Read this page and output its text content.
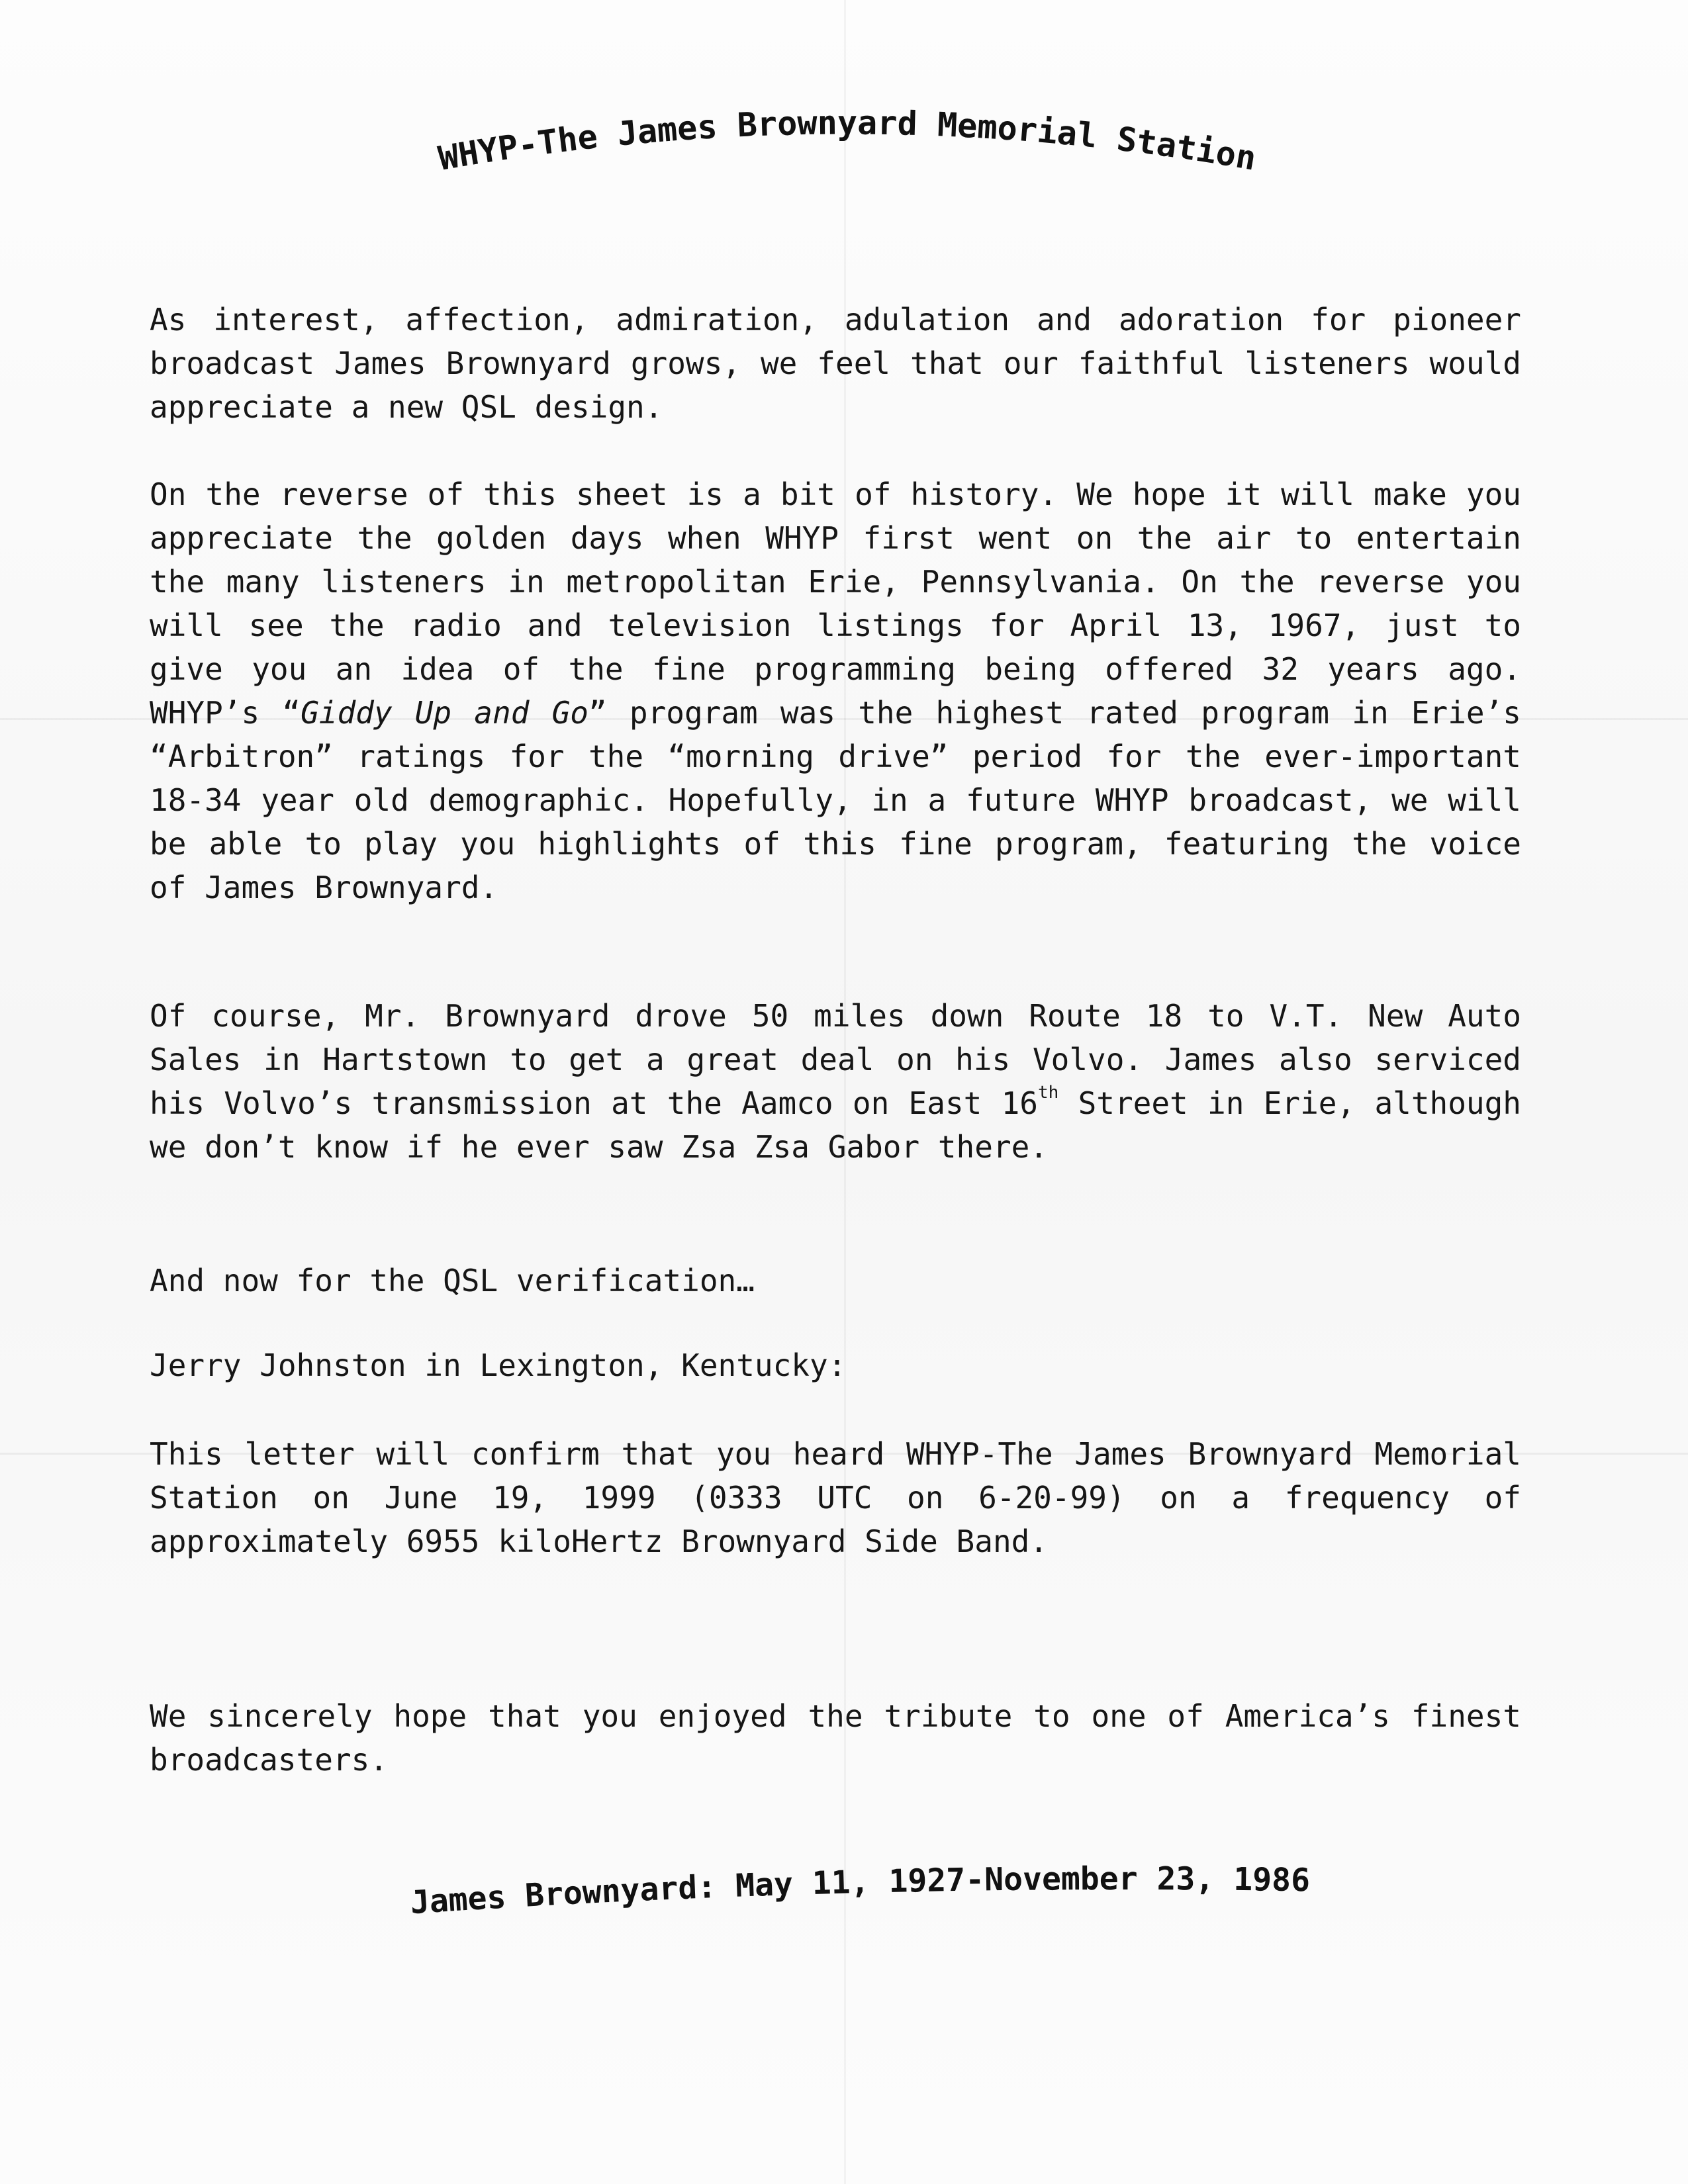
WHYP-The James Brownyard Memorial Station

As interest, affection, admiration, adulation and adoration for pioneer broadcast James Brownyard grows, we feel that our faithful listeners would appreciate a new QSL design.

On the reverse of this sheet is a bit of history. We hope it will make you appreciate the golden days when WHYP first went on the air to entertain the many listeners in metropolitan Erie, Pennsylvania. On the reverse you will see the radio and television listings for April 13, 1967, just to give you an idea of the fine programming being offered 32 years ago. WHYP’s “Giddy Up and Go” program was the highest rated program in Erie’s “Arbitron” ratings for the “morning drive” period for the ever-important 18-34 year old demographic. Hopefully, in a future WHYP broadcast, we will be able to play you highlights of this fine program, featuring the voice of James Brownyard.

Of course, Mr. Brownyard drove 50 miles down Route 18 to V.T. New Auto Sales in Hartstown to get a great deal on his Volvo. James also serviced his Volvo’s transmission at the Aamco on East 16th Street in Erie, although we don’t know if he ever saw Zsa Zsa Gabor there.

And now for the QSL verification…

Jerry Johnston in Lexington, Kentucky:

This letter will confirm that you heard WHYP-The James Brownyard Memorial Station on June 19, 1999 (0333 UTC on 6-20-99) on a frequency of approximately 6955 kiloHertz Brownyard Side Band.

We sincerely hope that you enjoyed the tribute to one of America’s finest broadcasters.

James Brownyard: May 11, 1927-November 23, 1986
